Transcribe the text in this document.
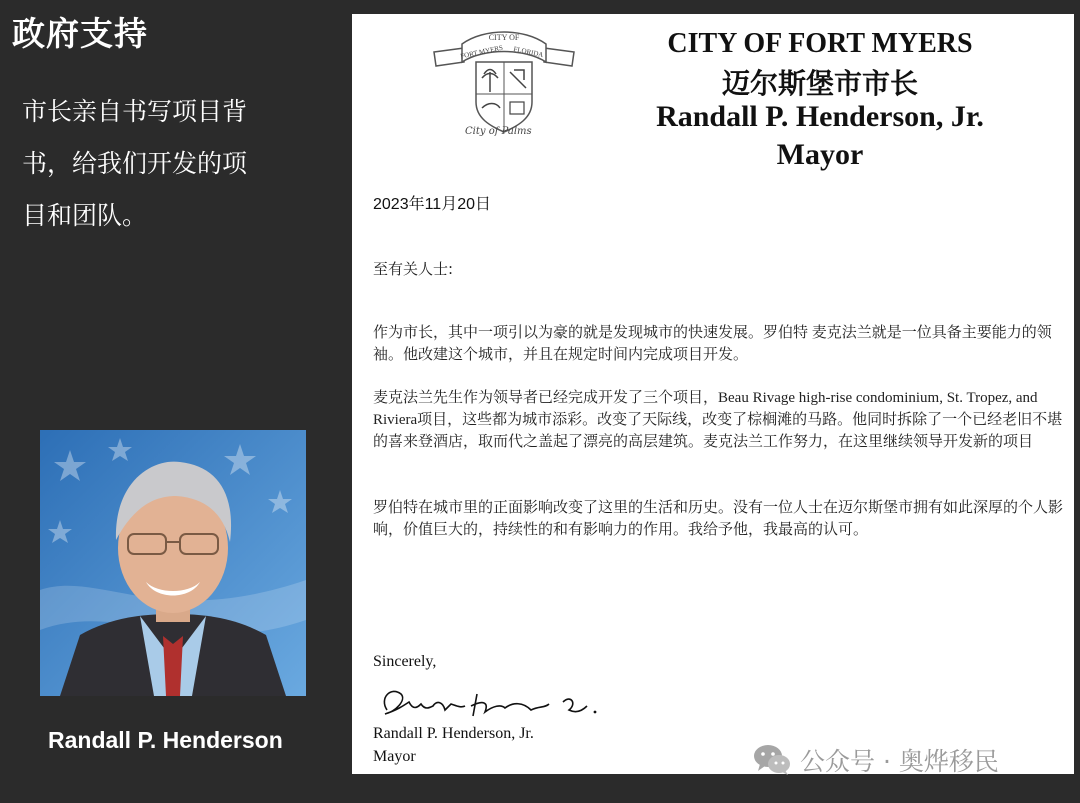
政府支持
市长亲自书写项目背
书，给我们开发的项
目和团队。
Randall P. Henderson
CITY OF
FORT MYERS FLORIDA
City of Palms
CITY OF FORT MYERS
迈尔斯堡市市长
Randall P. Henderson, Jr.
Mayor
2023年11月20日
至有关人士:

作为市长，其中一项引以为豪的就是发现城市的快速发展。罗伯特 麦克法兰就是一位具备主要能力的领袖。他改建这个城市，并且在规定时间内完成项目开发。

麦克法兰先生作为领导者已经完成开发了三个项目，Beau Rivage high-rise condominium, St. Tropez, and Riviera项目，这些都为城市添彩。改变了天际线，改变了棕榈滩的马路。他同时拆除了一个已经老旧不堪的喜来登酒店，取而代之盖起了漂亮的高层建筑。麦克法兰工作努力，在这里继续领导开发新的项目

罗伯特在城市里的正面影响改变了这里的生活和历史。没有一位人士在迈尔斯堡市拥有如此深厚的个人影响，价值巨大的，持续性的和有影响力的作用。我给予他，我最高的认可。

Sincerely,
Randall P. Henderson, Jr.
Mayor	公众号 · 奥烨移民
